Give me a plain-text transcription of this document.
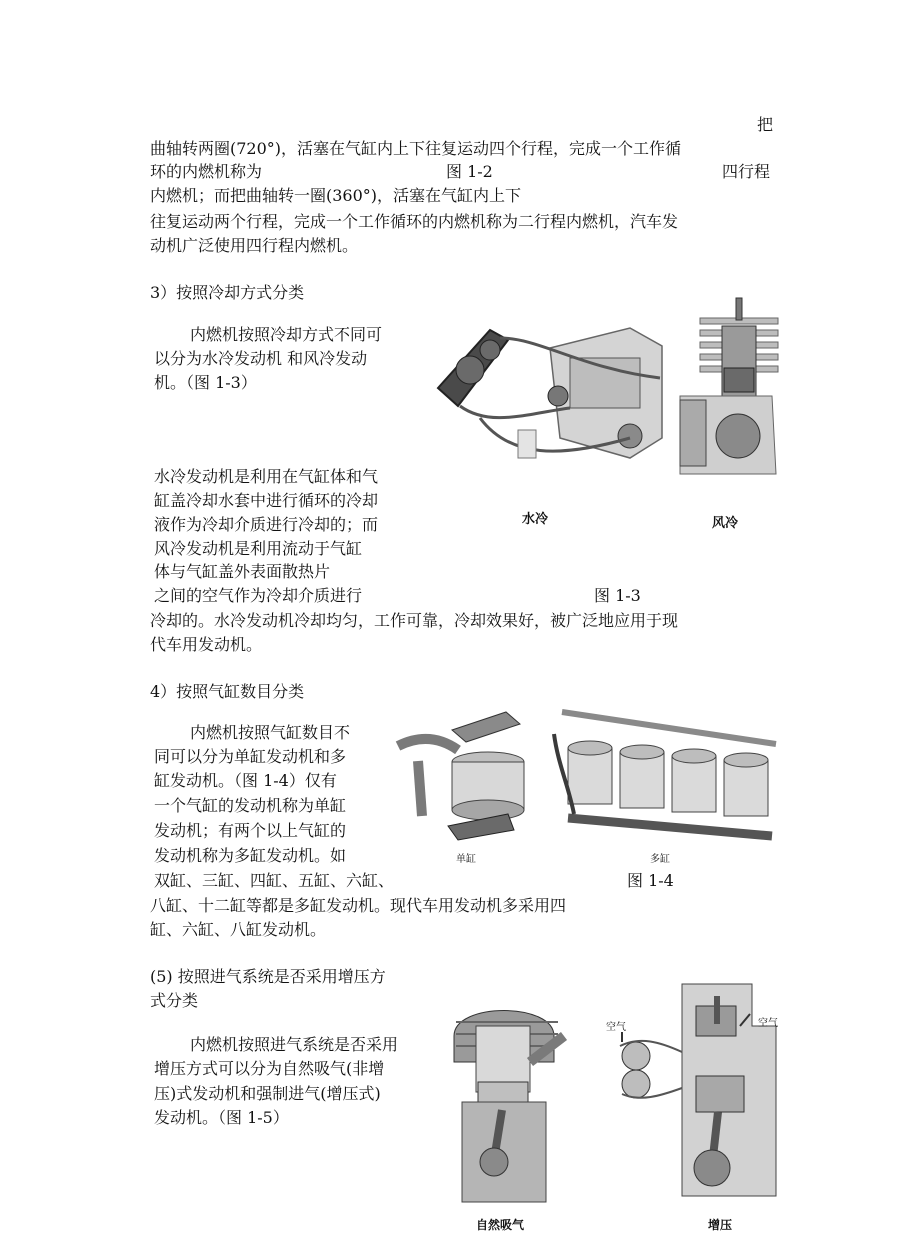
把
曲轴转两圈(720°)，活塞在气缸内上下往复运动四个行程，完成一个工作循
环的内燃机称为	图 1-2	四行程
内燃机；而把曲轴转一圈(360°)，活塞在气缸内上下
往复运动两个行程，完成一个工作循环的内燃机称为二行程内燃机，汽车发
动机广泛使用四行程内燃机。
3）按照冷却方式分类
内燃机按照冷却方式不同可
以分为水冷发动机 和风冷发动
机。（图 1-3）
水冷发动机是利用在气缸体和气
缸盖冷却水套中进行循环的冷却
液作为冷却介质进行冷却的；而
风冷发动机是利用流动于气缸
体与气缸盖外表面散热片
之间的空气作为冷却介质进行	图 1-3
冷却的。水冷发动机冷却均匀，工作可靠，冷却效果好，被广泛地应用于现
代车用发动机。
水冷	风冷
4）按照气缸数目分类
内燃机按照气缸数目不
同可以分为单缸发动机和多
缸发动机。（图 1-4）仅有
一个气缸的发动机称为单缸
发动机；有两个以上气缸的
发动机称为多缸发动机。如
双缸、三缸、四缸、五缸、六缸、	图 1-4
八缸、十二缸等都是多缸发动机。现代车用发动机多采用四
缸、六缸、八缸发动机。
单缸	多缸
(5) 按照进气系统是否采用增压方
式分类
内燃机按照进气系统是否采用
增压方式可以分为自然吸气(非增
压)式发动机和强制进气(增压式)
发动机。（图 1-5）
自然吸气
空气	空气
增压
